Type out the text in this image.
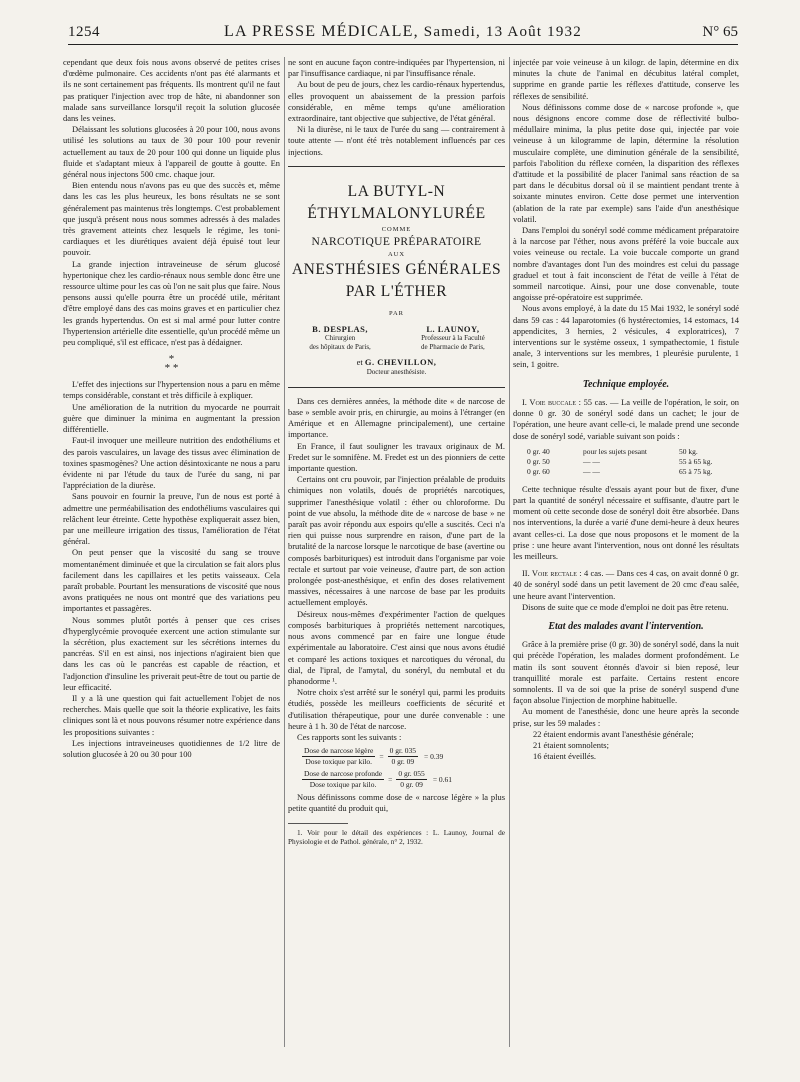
1254	LA PRESSE MÉDICALE, Samedi, 13 Août 1932	N° 65

cependant que deux fois nous avons observé de petites crises d'œdème pulmonaire. Ces accidents n'ont pas été alarmants et ils ne sont certainement pas fréquents. Ils montrent qu'il ne faut pas pratiquer l'injection avec trop de hâte, ni abandonner son malade sans surveillance lorsqu'il reçoit la solution glucosée dans les veines.

Délaissant les solutions glucosées à 20 pour 100, nous avons utilisé les solutions au taux de 30 pour 100 pour revenir actuellement au taux de 20 pour 100 qui donne un liquide plus fluide et s'adaptant mieux à l'appareil de goutte à goutte. En général nous injectons 500 cmc. chaque jour.

Bien entendu nous n'avons pas eu que des succès et, même dans les cas les plus heureux, les bons résultats ne se sont généralement pas maintenus très longtemps. C'est probablement que jusqu'à présent nous nous sommes adressés à des malades très gravement atteints chez lesquels le régime, les toni-cardiaques et les diurétiques avaient déjà épuisé tout leur pouvoir.

La grande injection intraveineuse de sérum glucosé hypertonique chez les cardio-rénaux nous semble donc être une ressource ultime pour les cas où l'on ne sait plus que faire. Nous pensons aussi qu'elle pourra être un procédé utile, méritant d'être employé dans des cas moins graves et en particulier chez les grands hypertendus. On est si mal armé pour lutter contre l'hypertension artérielle dite essentielle, qu'un procédé même un peu compliqué, s'il est efficace, n'est pas à dédaigner.

*
* *

L'effet des injections sur l'hypertension nous a paru en même temps considérable, constant et très difficile à expliquer.

Une amélioration de la nutrition du myocarde ne pourrait guère que diminuer la minima en augmentant la pression différentielle.

Faut-il invoquer une meilleure nutrition des endothéliums et des parois vasculaires, un lavage des tissus avec élimination de toxines spasmogènes? Une action désintoxicante ne nous a paru évidente ni par l'étude du taux de l'urée du sang, ni par l'appréciation de la diurèse.

Sans pouvoir en fournir la preuve, l'un de nous est porté à admettre une perméabilisation des endothéliums vasculaires qui relâchent leur étreinte. Cette hypothèse expliquerait assez bien, par une meilleure irrigation des tissus, l'amélioration de l'état général.

On peut penser que la viscosité du sang se trouve momentanément diminuée et que la circulation se fait alors plus facilement dans les capillaires et les petits vaisseaux. Cela paraît probable. Pourtant les mensurations de viscosité que nous avons pratiquées ne nous ont montré que des variations peu importantes et passagères.

Nous sommes plutôt portés à penser que ces crises d'hyperglycémie provoquée exercent une action stimulante sur la sécrétion, plus exactement sur les sécrétions internes du pancréas. S'il en est ainsi, nos injections n'agiraient bien que dans les cas où le pancréas est capable de réaction, et l'adjonction d'insuline les priverait peut-être de tout ou partie de leur efficacité.

Il y a là une question qui fait actuellement l'objet de nos recherches. Mais quelle que soit la théorie explicative, les faits cliniques sont là et nous pouvons résumer notre expérience dans les propositions suivantes :

Les injections intraveineuses quotidiennes de 1/2 litre de solution glucosée à 20 ou 30 pour 100

ne sont en aucune façon contre-indiquées par l'hypertension, ni par l'insuffisance cardiaque, ni par l'insuffisance rénale.

Au bout de peu de jours, chez les cardio-rénaux hypertendus, elles provoquent un abaissement de la pression parfois considérable, en même temps qu'une amélioration extraordinaire, tant objective que subjective, de l'état général.

Ni la diurèse, ni le taux de l'urée du sang — contrairement à toute attente — n'ont été très notablement influencés par ces injections.

LA BUTYL-N
ÉTHYLMALONYLURÉE
COMME
NARCOTIQUE PRÉPARATOIRE
AUX
ANESTHÉSIES GÉNÉRALES
PAR L'ÉTHER
PAR
B. DESPLAS,
Chirurgien
des hôpitaux de Paris,
L. LAUNOY,
Professeur à la Faculté
de Pharmacie de Paris,
et G. CHEVILLON,
Docteur anesthésiste.

Dans ces dernières années, la méthode dite « de narcose de base » semble avoir pris, en chirurgie, au moins à l'étranger (en Amérique et en Allemagne principalement), une certaine importance.

En France, il faut souligner les travaux originaux de M. Fredet sur le somnifène. M. Fredet est un des pionniers de cette importante question.

Certains ont cru pouvoir, par l'injection préalable de produits chimiques non volatils, doués de propriétés narcotiques, supprimer l'anesthésique volatil : éther ou chloroforme. Du point de vue absolu, la méthode dite de « narcose de base » ne paraît pas avoir répondu aux espoirs qu'elle a suscités. Ceci n'a rien qui puisse nous surprendre en raison, d'une part de la brutalité de la narcose lorsque le narcotique de base (avertine ou composés barbituriques) est introduit dans l'organisme par voie rectale et surtout par voie veineuse, d'autre part, de son action prolongée post-anesthésique, et enfin des doses relativement massives, nécessaires à une narcose de base par les produits actuellement employés.

Désireux nous-mêmes d'expérimenter l'action de quelques composés barbituriques à propriétés nettement narcotiques, nous avons commencé par en faire une longue étude expérimentale au laboratoire. C'est ainsi que nous avons étudié et comparé les actions toxiques et narcotiques du véronal, du dial, de l'ipral, de l'amytal, du sonéryl, du nembutal et du phanodorme ¹.

Notre choix s'est arrêté sur le sonéryl qui, parmi les produits étudiés, possède les meilleurs coefficients de sécurité et d'utilisation thérapeutique, pour une durée convenable : une heure à 1 h. 30 de l'état de narcose.

Ces rapports sont les suivants :

$\frac{\text{Dose de narcose légère}}{\text{Dose toxique par kilo.}} = \frac{0 gr. 035}{0 gr. 09} = 0.39$
$\frac{\text{Dose de narcose profonde}}{\text{Dose toxique par kilo.}} = \frac{0 gr. 055}{0 gr. 09} = 0.61$

Nous définissons comme dose de « narcose légère » la plus petite quantité du produit qui,

1. Voir pour le détail des expériences : L. Launoy, Journal de Physiologie et de Pathol. générale, n° 2, 1932.

injectée par voie veineuse à un kilogr. de lapin, détermine en dix minutes la chute de l'animal en décubitus latéral complet, supprime en grande partie les réflexes d'attitude, conserve les réflexes de sensibilité.

Nous définissons comme dose de « narcose profonde », que nous désignons encore comme dose de réflectivité bulbo-médullaire minima, la plus petite dose qui, injectée par voie veineuse à un kilogramme de lapin, détermine la résolution musculaire complète, une diminution générale de la sensibilité, parfois l'abolition du réflexe cornéen, la disparition des réflexes d'attitude et la possibilité de placer l'animal sans réaction de sa part dans le décubitus dorsal où il se maintient pendant trente à soixante minutes environ. Cette dose permet une intervention (ablation de la rate par exemple) sans l'aide d'un anesthésique volatil.

Dans l'emploi du sonéryl sodé comme médicament préparatoire à la narcose par l'éther, nous avons préféré la voie buccale aux voies veineuse ou rectale. La voie buccale comporte un grand nombre d'avantages dont l'un des moindres est celui du passage graduel et tout à fait inconscient de l'état de veille à l'état de sommeil narcotique. Ainsi, pour une dose convenable, toute angoisse pré-opératoire est supprimée.

Nous avons employé, à la date du 15 Mai 1932, le sonéryl sodé dans 59 cas : 44 laparotomies (6 hystérectomies, 14 estomacs, 14 appendicites, 3 hernies, 2 vésicules, 4 exploratrices), 7 interventions sur le système osseux, 1 sympathectomie, 1 fistule anale, 3 interventions sur les membres, 1 pleurésie purulente, 1 sein, 1 goitre.

Technique employée.

I. Voie buccale : 55 cas. — La veille de l'opération, le soir, on donne 0 gr. 30 de sonéryl sodé dans un cachet; le jour de l'opération, une heure avant celle-ci, le malade prend une seconde dose de sonéryl sodé, variable suivant son poids :

0 gr. 40	pour les sujets pesant	50 kg.
0 gr. 50	— —	55 à 65 kg.
0 gr. 60	— —	65 à 75 kg.

Cette technique résulte d'essais ayant pour but de fixer, d'une part la quantité de sonéryl nécessaire et suffisante, d'autre part le moment où cette seconde dose de sonéryl doit être absorbée. Dans nos interventions, la durée a varié d'une demi-heure à deux heures avant celles-ci. La dose que nous proposons et le moment de la prise : une heure avant l'intervention, nous ont donné les résultats les meilleurs.

II. Voie rectale : 4 cas. — Dans ces 4 cas, on avait donné 0 gr. 40 de sonéryl sodé dans un petit lavement de 20 cmc d'eau salée, une heure avant l'intervention.

Disons de suite que ce mode d'emploi ne doit pas être retenu.

Etat des malades avant l'intervention.

Grâce à la première prise (0 gr. 30) de sonéryl sodé, dans la nuit qui précède l'opération, les malades dorment profondément. Le matin ils sont souvent étonnés d'avoir si bien reposé, leur tranquillité morale est parfaite. Certains restent encore somnolents. Il va de soi que la prise de sonéryl suspend d'une façon absolue l'injection de morphine habituelle.

Au moment de l'anesthésie, donc une heure après la seconde prise, sur les 59 malades :

22 étaient endormis avant l'anesthésie générale;

21 étaient somnolents;

16 étaient éveillés.
